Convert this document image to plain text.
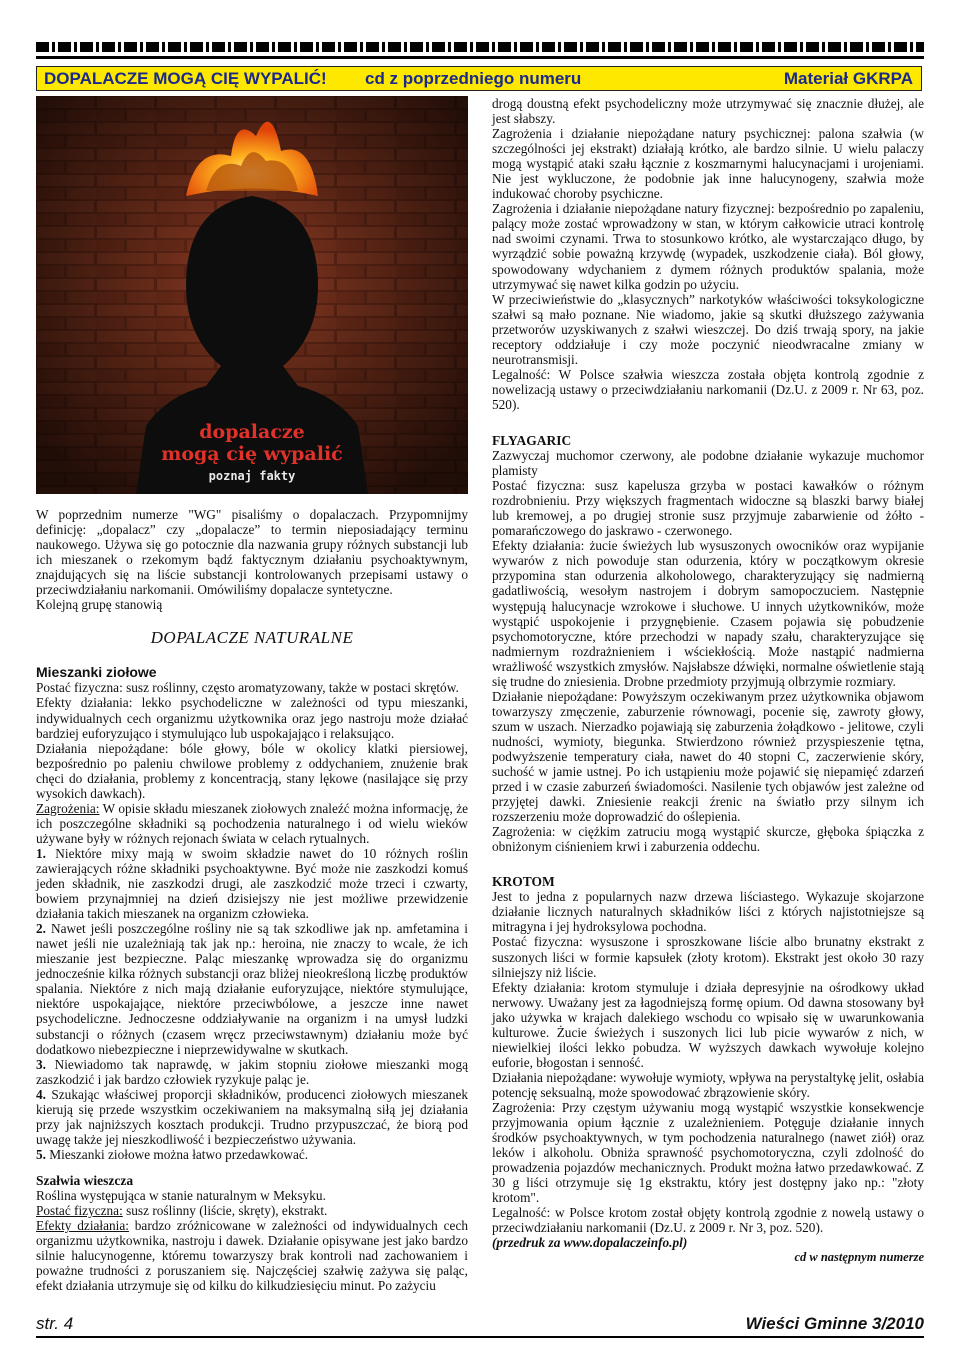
DOPALACZE MOGĄ CIĘ WYPALIĆ! cd z poprzedniego numeru	Materiał GKRPA
dopalacze
mogą cię wypalić
poznaj fakty

W poprzednim numerze "WG" pisaliśmy o dopalaczach. Przypomnijmy definicję: „dopalacz” czy „dopalacze” to termin nieposiadający terminu naukowego. Używa się go potocznie dla nazwania grupy różnych substancji lub ich mieszanek o rzekomym bądź faktycznym działaniu psychoaktywnym, znajdujących się na liście substancji kontrolowanych przepisami ustawy o przeciwdziałaniu narkomanii. Omówiliśmy dopalacze syntetyczne.

Kolejną grupę stanowią

DOPALACZE NATURALNE

Mieszanki ziołowe

Postać fizyczna: susz roślinny, często aromatyzowany, także w postaci skrętów.

Efekty działania: lekko psychodeliczne w zależności od typu mieszanki, indywidualnych cech organizmu użytkownika oraz jego nastroju może działać bardziej euforyzująco i stymulująco lub uspokajająco i relaksująco.

Działania niepożądane: bóle głowy, bóle w okolicy klatki piersiowej, bezpośrednio po paleniu chwilowe problemy z oddychaniem, znużenie brak chęci do działania, problemy z koncentracją, stany lękowe (nasilające się przy wysokich dawkach).

Zagrożenia: W opisie składu mieszanek ziołowych znaleźć można informację, że ich poszczególne składniki są pochodzenia naturalnego i od wielu wieków używane były w różnych rejonach świata w celach rytualnych.

1. Niektóre mixy mają w swoim składzie nawet do 10 różnych roślin zawierających różne składniki psychoaktywne. Być może nie zaszkodzi komuś jeden składnik, nie zaszkodzi drugi, ale zaszkodzić może trzeci i czwarty, bowiem przynajmniej na dzień dzisiejszy nie jest możliwe przewidzenie działania takich mieszanek na organizm człowieka.

2. Nawet jeśli poszczególne rośliny nie są tak szkodliwe jak np. amfetamina i nawet jeśli nie uzależniają tak jak np.: heroina, nie znaczy to wcale, że ich mieszanie jest bezpieczne. Paląc mieszankę wprowadza się do organizmu jednocześnie kilka różnych substancji oraz bliżej nieokreśloną liczbę produktów spalania. Niektóre z nich mają działanie euforyzujące, niektóre stymulujące, niektóre uspokajające, niektóre przeciwbólowe, a jeszcze inne nawet psychodeliczne. Jednoczesne oddziaływanie na organizm i na umysł ludzki substancji o różnych (czasem wręcz przeciwstawnym) działaniu może być dodatkowo niebezpieczne i nieprzewidywalne w skutkach.

3. Niewiadomo tak naprawdę, w jakim stopniu ziołowe mieszanki mogą zaszkodzić i jak bardzo człowiek ryzykuje paląc je.

4. Szukając właściwej proporcji składników, producenci ziołowych mieszanek kierują się przede wszystkim oczekiwaniem na maksymalną siłą jej działania przy jak najniższych kosztach produkcji. Trudno przypuszczać, że biorą pod uwagę także jej nieszkodliwość i bezpieczeństwo używania.

5. Mieszanki ziołowe można łatwo przedawkować.

Szałwia wieszcza

Roślina występująca w stanie naturalnym w Meksyku.

Postać fizyczna: susz roślinny (liście, skręty), ekstrakt.

Efekty działania: bardzo zróżnicowane w zależności od indywidualnych cech organizmu użytkownika, nastroju i dawek. Działanie opisywane jest jako bardzo silnie halucynogenne, któremu towarzyszy brak kontroli nad zachowaniem i poważne trudności z poruszaniem się. Najczęściej szałwię zażywa się paląc, efekt działania utrzymuje się od kilku do kilkudziesięciu minut. Po zażyciu

drogą doustną efekt psychodeliczny może utrzymywać się znacznie dłużej, ale jest słabszy.

Zagrożenia i działanie niepożądane natury psychicznej: palona szałwia (w szczególności jej ekstrakt) działają krótko, ale bardzo silnie. U wielu palaczy mogą wystąpić ataki szału łącznie z koszmarnymi halucynacjami i urojeniami. Nie jest wykluczone, że podobnie jak inne halucynogeny, szałwia może indukować choroby psychiczne.

Zagrożenia i działanie niepożądane natury fizycznej: bezpośrednio po zapaleniu, palący może zostać wprowadzony w stan, w którym całkowicie utraci kontrolę nad swoimi czynami. Trwa to stosunkowo krótko, ale wystarczająco długo, by wyrządzić sobie poważną krzywdę (wypadek, uszkodzenie ciała). Ból głowy, spowodowany wdychaniem z dymem różnych produktów spalania, może utrzymywać się nawet kilka godzin po użyciu.

W przeciwieństwie do „klasycznych” narkotyków właściwości toksykologiczne szałwi są mało poznane. Nie wiadomo, jakie są skutki dłuższego zażywania przetworów uzyskiwanych z szałwi wieszczej. Do dziś trwają spory, na jakie receptory oddziałuje i czy może poczynić nieodwracalne zmiany w neurotransmisji.

Legalność: W Polsce szałwia wieszcza została objęta kontrolą zgodnie z nowelizacją ustawy o przeciwdziałaniu narkomanii (Dz.U. z 2009 r. Nr 63, poz. 520).

FLYAGARIC

Zazwyczaj muchomor czerwony, ale podobne działanie wykazuje muchomor plamisty

Postać fizyczna: susz kapelusza grzyba w postaci kawałków o różnym rozdrobnieniu. Przy większych fragmentach widoczne są blaszki barwy białej lub kremowej, a po drugiej stronie susz przyjmuje zabarwienie od żółto - pomarańczowego do jaskrawo - czerwonego.

Efekty działania: żucie świeżych lub wysuszonych owocników oraz wypijanie wywarów z nich powoduje stan odurzenia, który w początkowym okresie przypomina stan odurzenia alkoholowego, charakteryzujący się nadmierną gadatliwością, wesołym nastrojem i dobrym samopoczuciem. Następnie występują halucynacje wzrokowe i słuchowe. U innych użytkowników, może wystąpić uspokojenie i przygnębienie. Czasem pojawia się pobudzenie psychomotoryczne, które przechodzi w napady szału, charakteryzujące się nadmiernym rozdrażnieniem i wściekłością. Może nastąpić nadmierna wrażliwość wszystkich zmysłów. Najsłabsze dźwięki, normalne oświetlenie stają się trudne do zniesienia. Drobne przedmioty przyjmują olbrzymie rozmiary.

Działanie niepożądane: Powyższym oczekiwanym przez użytkownika objawom towarzyszy zmęczenie, zaburzenie równowagi, pocenie się, zawroty głowy, szum w uszach. Nierzadko pojawiają się zaburzenia żołądkowo - jelitowe, czyli nudności, wymioty, biegunka. Stwierdzono również przyspieszenie tętna, podwyższenie temperatury ciała, nawet do 40 stopni C, zaczerwienie skóry, suchość w jamie ustnej. Po ich ustąpieniu może pojawić się niepamięć zdarzeń przed i w czasie zaburzeń świadomości. Nasilenie tych objawów jest zależne od przyjętej dawki. Zniesienie reakcji źrenic na światło przy silnym ich rozszerzeniu może doprowadzić do oślepienia.

Zagrożenia: w ciężkim zatruciu mogą wystąpić skurcze, głęboka śpiączka z obniżonym ciśnieniem krwi i zaburzenia oddechu.

KROTOM

Jest to jedna z popularnych nazw drzewa liściastego. Wykazuje skojarzone działanie licznych naturalnych składników liści z których najistotniejsze są mitragyna i jej hydroksylowa pochodna.

Postać fizyczna: wysuszone i sproszkowane liście albo brunatny ekstrakt z suszonych liści w formie kapsułek (złoty krotom). Ekstrakt jest około 30 razy silniejszy niż liście.

Efekty działania: krotom stymuluje i działa depresyjnie na ośrodkowy układ nerwowy. Uważany jest za łagodniejszą formę opium. Od dawna stosowany był jako używka w krajach dalekiego wschodu co wpisało się w uwarunkowania kulturowe. Żucie świeżych i suszonych lici lub picie wywarów z nich, w niewielkiej ilości lekko pobudza. W wyższych dawkach wywołuje kolejno euforie, błogostan i senność.

Działania niepożądane: wywołuje wymioty, wpływa na perystaltykę jelit, osłabia potencję seksualną, może spowodować zbrązowienie skóry.

Zagrożenia: Przy częstym używaniu mogą wystąpić wszystkie konsekwencje przyjmowania opium łącznie z uzależnieniem. Potęguje działanie innych środków psychoaktywnych, w tym pochodzenia naturalnego (nawet ziół) oraz leków i alkoholu. Obniża sprawność psychomotoryczna, czyli zdolność do prowadzenia pojazdów mechanicznych. Produkt można łatwo przedawkować. Z 30 g liści otrzymuje się 1g ekstraktu, który jest dostępny jako np.: "złoty krotom".

Legalność: w Polsce krotom został objęty kontrolą zgodnie z nowelą ustawy o przeciwdziałaniu narkomanii (Dz.U. z 2009 r. Nr 3, poz. 520).

(przedruk za www.dopalaczeinfo.pl)

cd w następnym numerze

str. 4	Wieści Gminne 3/2010
